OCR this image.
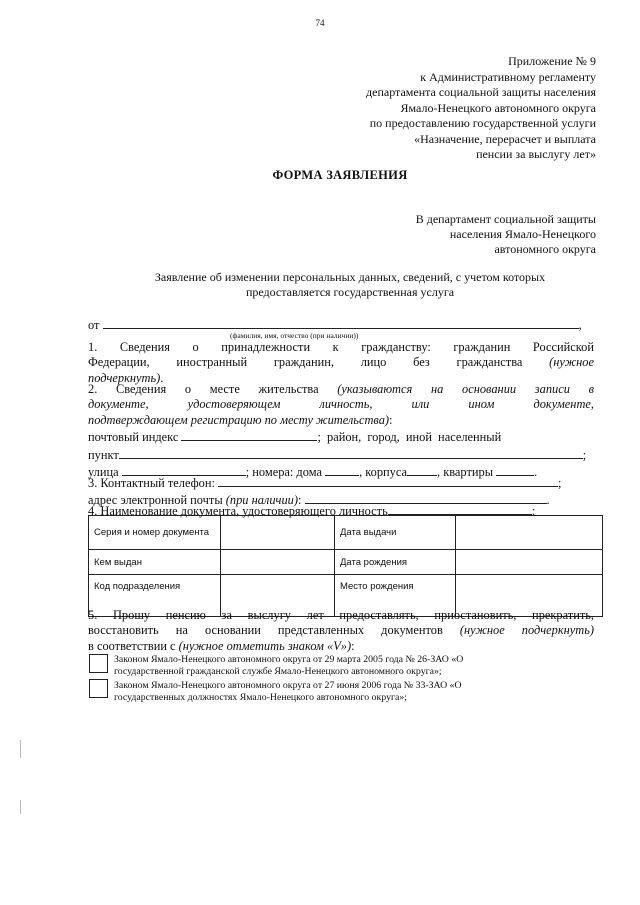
74
Приложение № 9
к Административному регламенту
департамента социальной защиты населения
Ямало-Ненецкого автономного округа
по предоставлению государственной услуги
«Назначение, перерасчет и выплата
пенсии за выслугу лет»
ФОРМА ЗАЯВЛЕНИЯ
В департамент социальной защиты
населения Ямало-Ненецкого
автономного округа
Заявление об изменении персональных данных, сведений, с учетом которых
предоставляется государственная услуга
от	,
(фамилия, имя, отчество (при наличии))
1. Сведения о принадлежности к гражданству: гражданин Российской
Федерации, иностранный гражданин, лицо без гражданства (нужное
подчеркнуть).
2. Сведения о месте жительства (указываются на основании записи в
документе, удостоверяющем личность, или ином документе,
подтверждающем регистрацию по месту жительства):
почтовый индекс	; район, город, иной населенный
пункт	;
улица	; номера: дома	, корпуса , квартиры	.
3. Контактный телефон:	;
адрес электронной почты (при наличии):	.
4. Наименование документа, удостоверяющего личность	:
Серия и номер документа		Дата выдачи	
Кем выдан		Дата рождения	
Код подразделения		Место рождения	
5. Прошу пенсию за выслугу лет предоставлять, приостановить, прекратить,
восстановить на основании представленных документов (нужное подчеркнуть)
в соответствии с (нужное отметить знаком «V»):
Законом Ямало-Ненецкого автономного округа от 29 марта 2005 года № 26-ЗАО «О
государственной гражданской службе Ямало-Ненецкого автономного округа»;
Законом Ямало-Ненецкого автономного округа от 27 июня 2006 года № 33-ЗАО «О
государственных должностях Ямало-Ненецкого автономного округа»;
